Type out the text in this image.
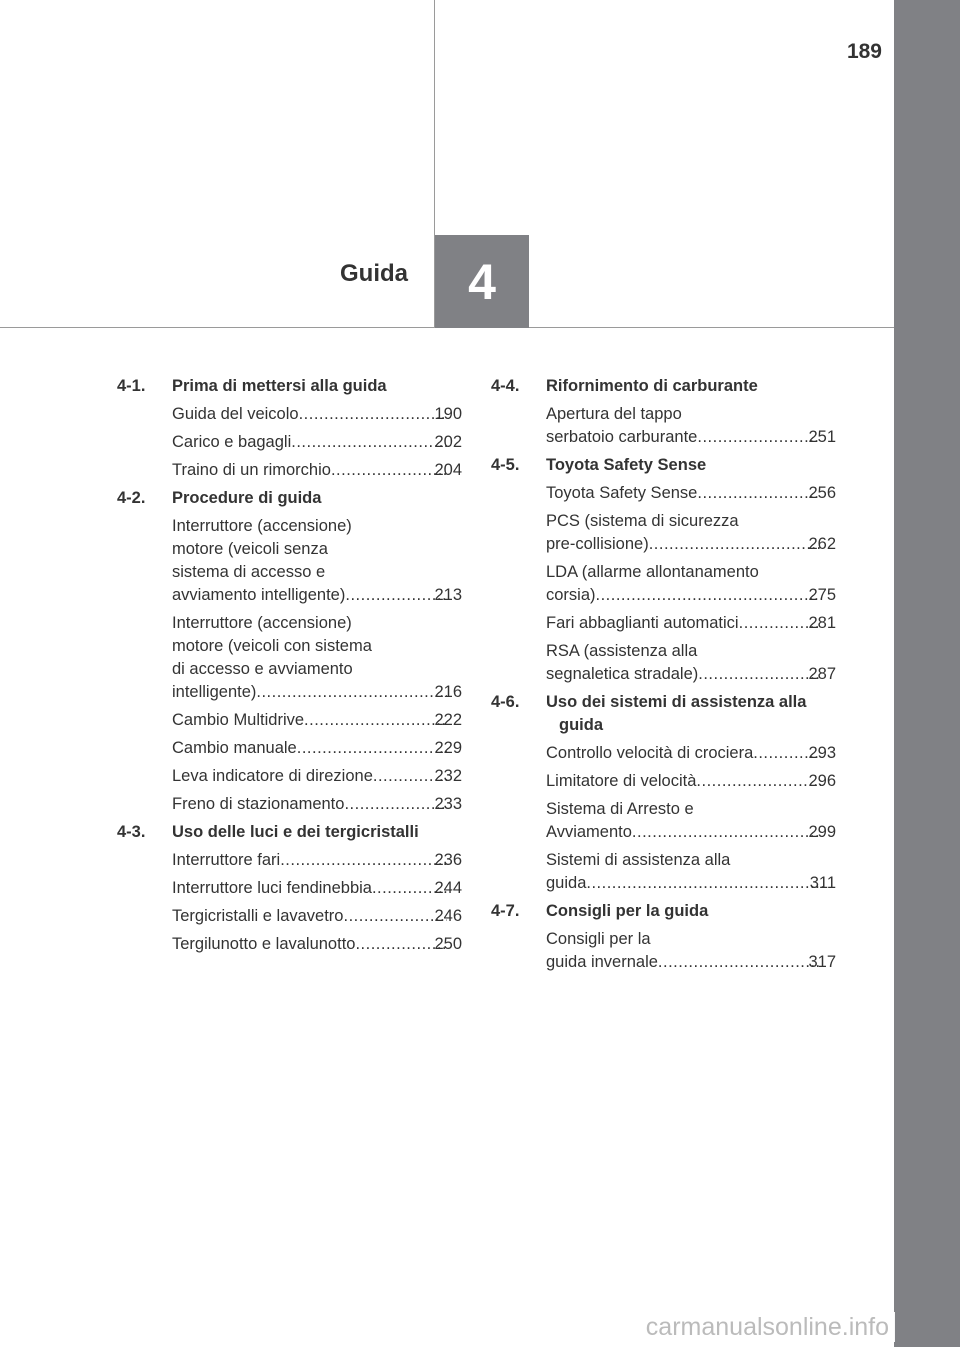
189
Guida 4
4-1.	Prima di mettersi alla guida
Guida del veicolo .....	190
Carico e bagagli .....	202
Traino di un rimorchio .....	204
4-2.	Procedure di guida
Interruttore (accensione)
motore (veicoli senza
sistema di accesso e
avviamento intelligente) .....	213
Interruttore (accensione)
motore (veicoli con sistema
di accesso e avviamento
intelligente) .....	216
Cambio Multidrive .....	222
Cambio manuale .....	229
Leva indicatore di direzione .....	232
Freno di stazionamento .....	233
4-3.	Uso delle luci e dei tergicristalli
Interruttore fari .....	236
Interruttore luci fendinebbia .....	244
Tergicristalli e lavavetro .....	246
Tergilunotto e lavalunotto .....	250
4-4.	Rifornimento di carburante
Apertura del tappo
serbatoio carburante .....	251
4-5.	Toyota Safety Sense
Toyota Safety Sense .....	256
PCS (sistema di sicurezza
pre-collisione) .....	262
LDA (allarme allontanamento
corsia) .....	275
Fari abbaglianti automatici .....	281
RSA (assistenza alla
segnaletica stradale) .....	287
4-6.	Uso dei sistemi di assistenza alla guida
Controllo velocità di crociera .....	293
Limitatore di velocità .....	296
Sistema di Arresto e
Avviamento .....	299
Sistemi di assistenza alla
guida .....	311
4-7.	Consigli per la guida
Consigli per la
guida invernale .....	317
carmanualsonline.info
